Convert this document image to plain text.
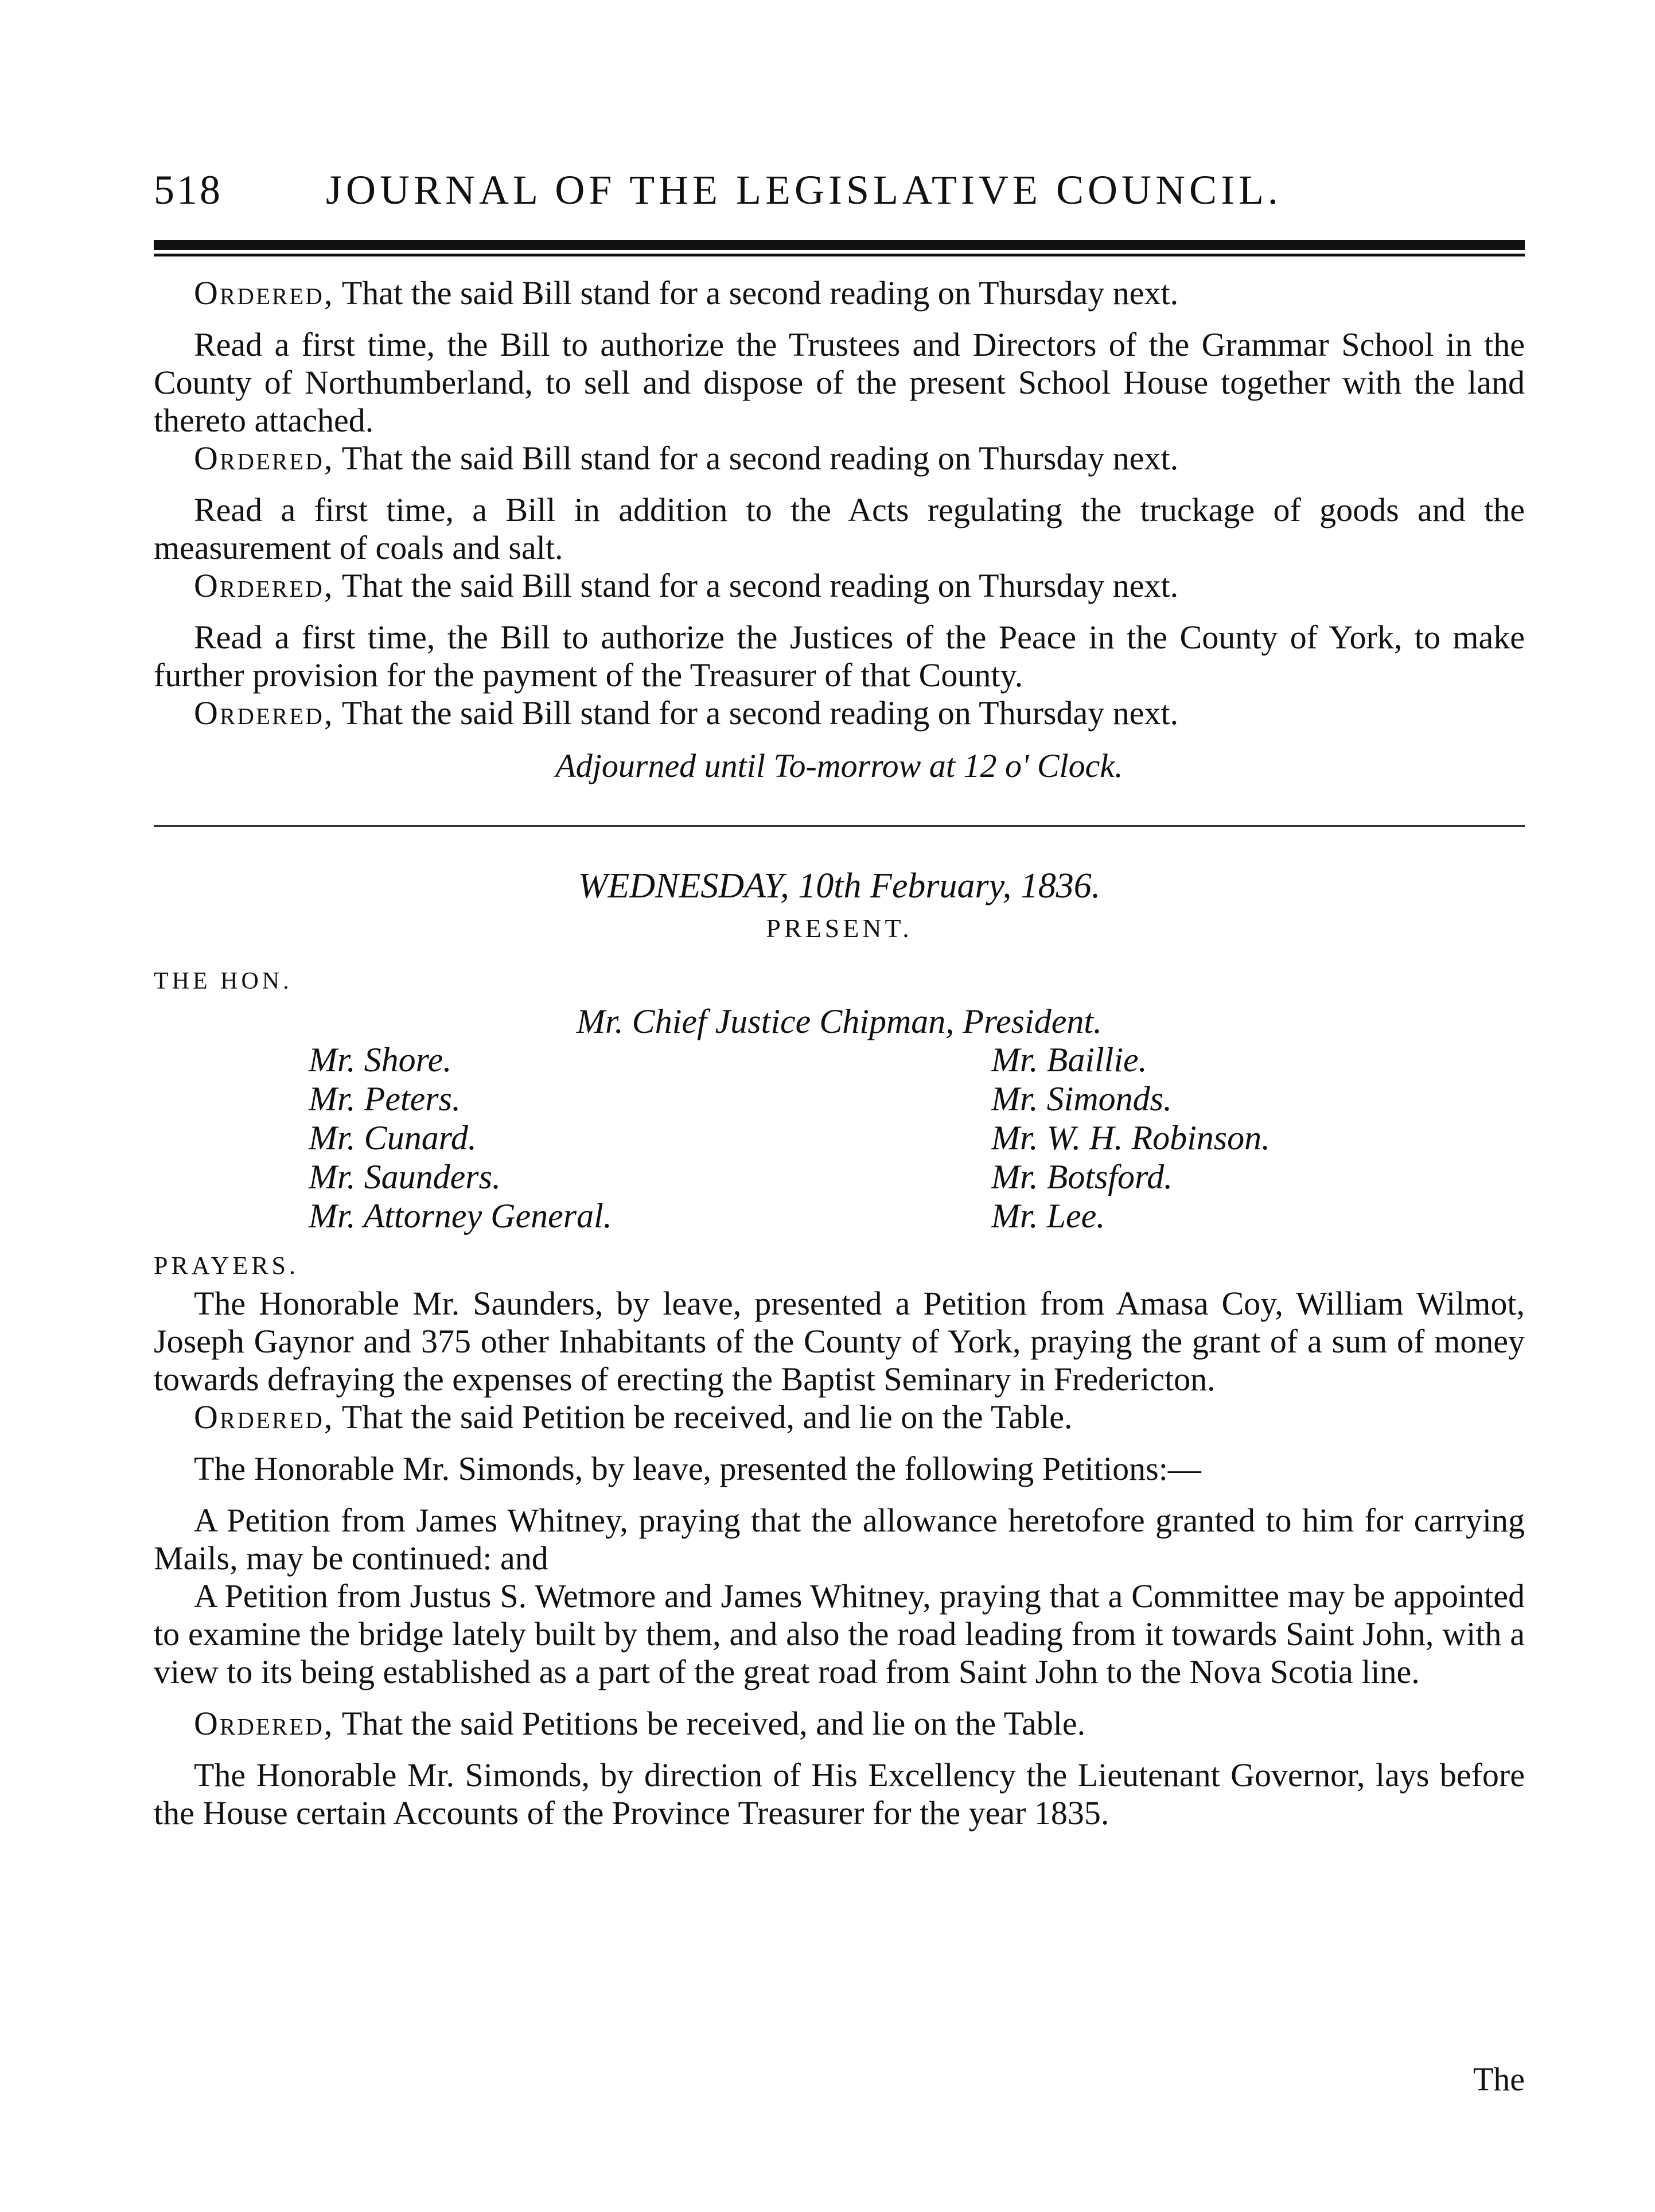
518	JOURNAL OF THE LEGISLATIVE COUNCIL.

Ordered, That the said Bill stand for a second reading on Thursday next.

Read a first time, the Bill to authorize the Trustees and Directors of the Grammar School in the County of Northumberland, to sell and dispose of the present School House together with the land thereto attached.

Ordered, That the said Bill stand for a second reading on Thursday next.

Read a first time, a Bill in addition to the Acts regulating the truckage of goods and the measurement of coals and salt.

Ordered, That the said Bill stand for a second reading on Thursday next.

Read a first time, the Bill to authorize the Justices of the Peace in the County of York, to make further provision for the payment of the Treasurer of that County.

Ordered, That the said Bill stand for a second reading on Thursday next.

Adjourned until To-morrow at 12 o' Clock.

WEDNESDAY, 10th February, 1836.

PRESENT.

THE HON.

Mr. Chief Justice Chipman, President.

Mr. Shore.
Mr. Peters.
Mr. Cunard.
Mr. Saunders.
Mr. Attorney General.
Mr. Baillie.
Mr. Simonds.
Mr. W. H. Robinson.
Mr. Botsford.
Mr. Lee.

PRAYERS.

The Honorable Mr. Saunders, by leave, presented a Petition from Amasa Coy, William Wilmot, Joseph Gaynor and 375 other Inhabitants of the County of York, praying the grant of a sum of money towards defraying the expenses of erecting the Baptist Seminary in Fredericton.

Ordered, That the said Petition be received, and lie on the Table.

The Honorable Mr. Simonds, by leave, presented the following Petitions:—

A Petition from James Whitney, praying that the allowance heretofore granted to him for carrying Mails, may be continued: and

A Petition from Justus S. Wetmore and James Whitney, praying that a Committee may be appointed to examine the bridge lately built by them, and also the road leading from it towards Saint John, with a view to its being established as a part of the great road from Saint John to the Nova Scotia line.

Ordered, That the said Petitions be received, and lie on the Table.

The Honorable Mr. Simonds, by direction of His Excellency the Lieutenant Governor, lays before the House certain Accounts of the Province Treasurer for the year 1835.

The
